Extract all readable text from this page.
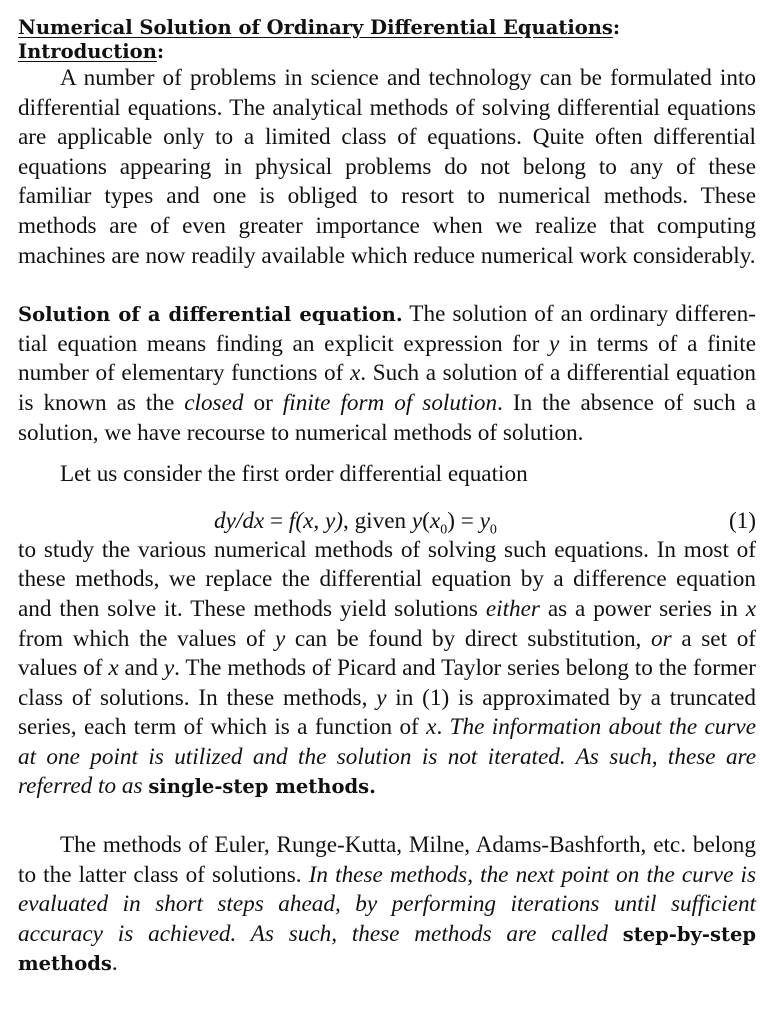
Numerical Solution of Ordinary Differential Equations:
Introduction:

A number of problems in science and technology can be formulated into differential equations. The analytical methods of solving differential equations are applicable only to a limited class of equations. Quite often differential equations appearing in physical problems do not belong to any of these familiar types and one is obliged to resort to numerical methods. These methods are of even greater importance when we realize that computing machines are now readily available which reduce numerical work considerably.

Solution of a differential equation. The solution of an ordinary differential equation means finding an explicit expression for y in terms of a finite number of elementary functions of x. Such a solution of a differential equation is known as the closed or finite form of solution. In the absence of such a solution, we have recourse to numerical methods of solution.

Let us consider the first order differential equation

dy/dx = f(x, y), given $y(x_0) = y_0$	(1)

to study the various numerical methods of solving such equations. In most of these methods, we replace the differential equation by a difference equation and then solve it. These methods yield solutions either as a power series in x from which the values of y can be found by direct substitution, or a set of values of x and y. The methods of Picard and Taylor series belong to the former class of solutions. In these methods, y in (1) is approximated by a truncated series, each term of which is a function of x. The information about the curve at one point is utilized and the solution is not iterated. As such, these are referred to as single-step methods.

The methods of Euler, Runge-Kutta, Milne, Adams-Bashforth, etc. belong to the latter class of solutions. In these methods, the next point on the curve is evaluated in short steps ahead, by performing iterations until sufficient accuracy is achieved. As such, these methods are called step-by-step methods.
